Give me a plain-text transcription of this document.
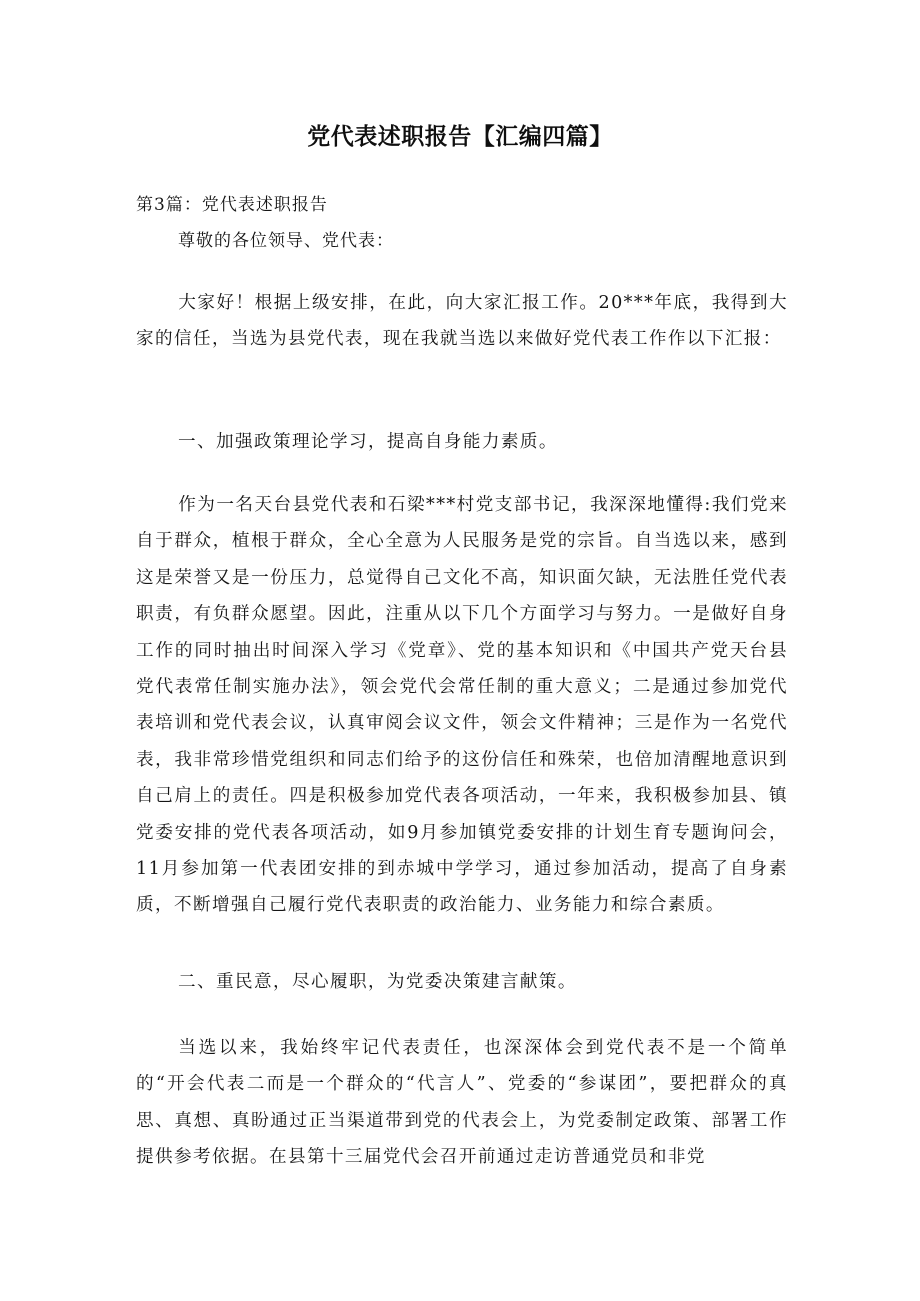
党代表述职报告【汇编四篇】
第3篇：党代表述职报告
尊敬的各位领导、党代表：

大家好！根据上级安排，在此，向大家汇报工作。20***年底，我得到大家的信任，当选为县党代表，现在我就当选以来做好党代表工作作以下汇报：

一、加强政策理论学习，提高自身能力素质。

作为一名天台县党代表和石梁***村党支部书记，我深深地懂得:我们党来自于群众，植根于群众，全心全意为人民服务是党的宗旨。自当选以来，感到这是荣誉又是一份压力，总觉得自己文化不高，知识面欠缺，无法胜任党代表职责，有负群众愿望。因此，注重从以下几个方面学习与努力。一是做好自身工作的同时抽出时间深入学习《党章》、党的基本知识和《中国共产党天台县党代表常任制实施办法》，领会党代会常任制的重大意义；二是通过参加党代表培训和党代表会议，认真审阅会议文件，领会文件精神；三是作为一名党代表，我非常珍惜党组织和同志们给予的这份信任和殊荣，也倍加清醒地意识到自己肩上的责任。四是积极参加党代表各项活动，一年来，我积极参加县、镇党委安排的党代表各项活动，如9月参加镇党委安排的计划生育专题询问会，11月参加第一代表团安排的到赤城中学学习，通过参加活动，提高了自身素质，不断增强自己履行党代表职责的政治能力、业务能力和综合素质。

二、重民意，尽心履职，为党委决策建言献策。

当选以来，我始终牢记代表责任，也深深体会到党代表不是一个简单的“开会代表二而是一个群众的“代言人”、党委的“参谋团”，要把群众的真思、真想、真盼通过正当渠道带到党的代表会上，为党委制定政策、部署工作提供参考依据。在县第十三届党代会召开前通过走访普通党员和非党
